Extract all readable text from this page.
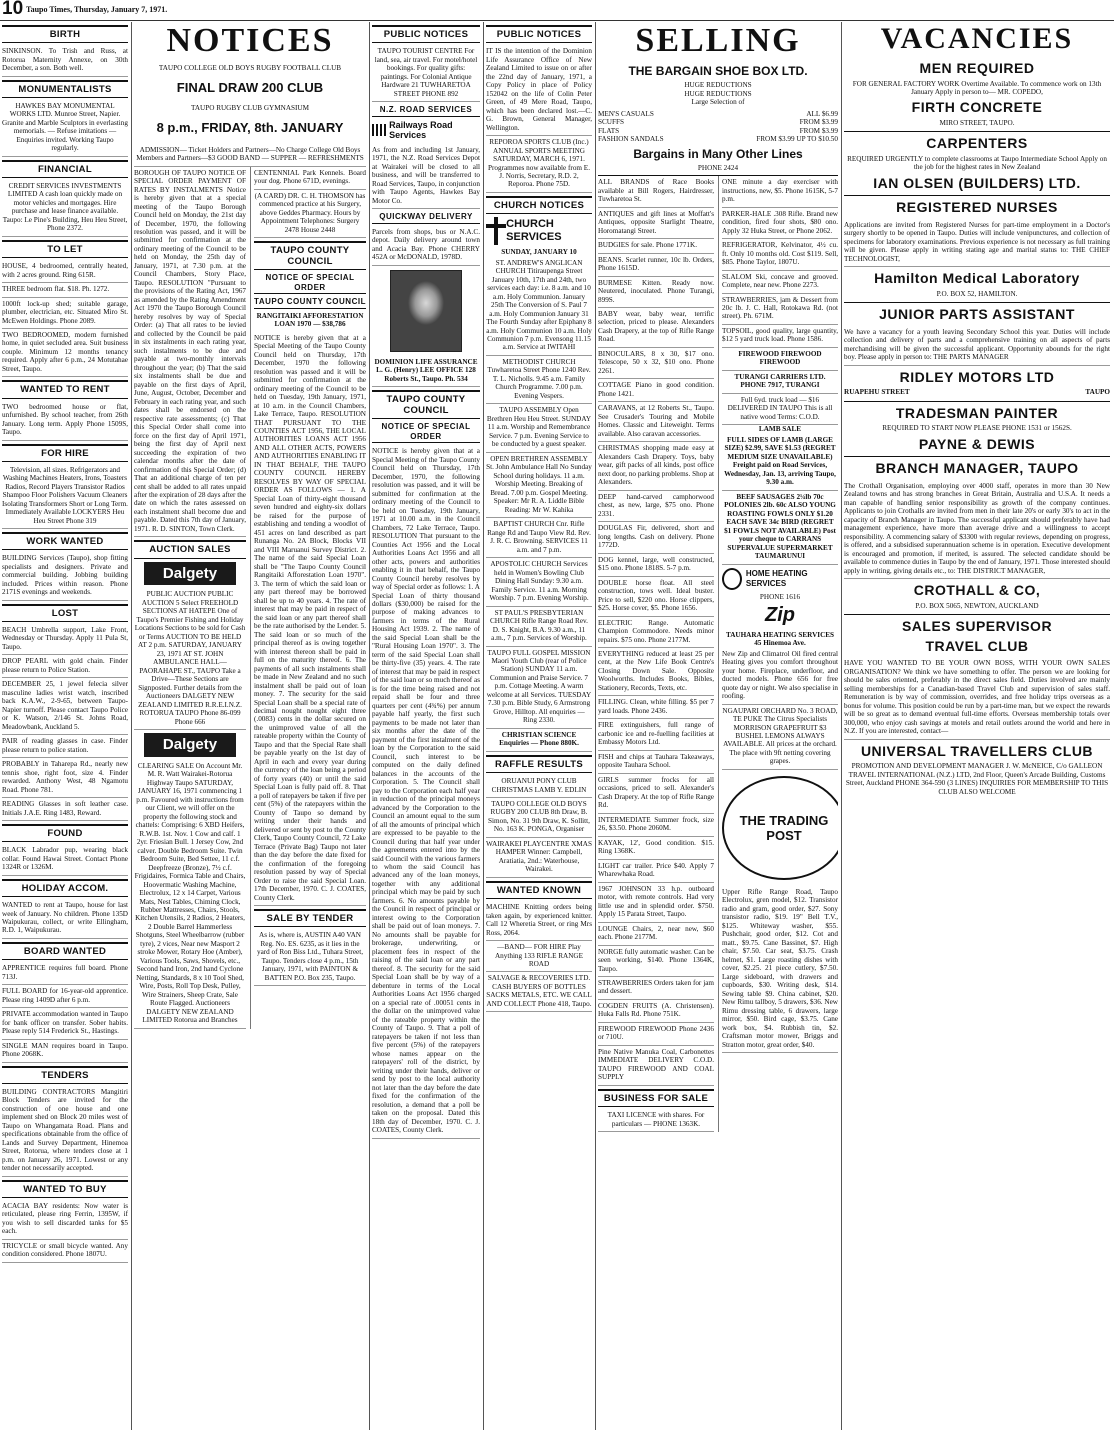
10 Taupo Times, Thursday, January 7, 1971.
BIRTH
SINKINSON. To Trish and Russ, at Rotorua Maternity Annexe, on 30th December, a son. Both well.
MONUMENTALISTS
HAWKES BAY MONUMENTAL WORKS LTD. Munroe Street, Napier. Granite and Marble Sculptors in everlasting memorials. — Refuse imitations — Enquiries invited. Working Taupo regularly.
FINANCIAL
CREDIT SERVICES INVESTMENTS LIMITED A cash loan quickly made on motor vehicles and mortgages. Hire purchase and lease finance available. Taupo: Le Pine's Building, Heu Heu Street, Phone 2372.
TO LET
HOUSE, 4 bedroomed, centrally heated, with 2 acres ground. Ring 615R.
THREE bedroom flat. $18. Ph. 1272.
1000ft lock-up shed; suitable garage, plumber, electrician, etc. Situated Miro St. McEwen Holdings. Phone 2089.
TWO BEDROOMED, modern furnished home, in quiet secluded area. Suit business couple. Minimum 12 months tenancy required. Apply after 6 p.m., 24 Motutahae Street, Taupo.
WANTED TO RENT
TWO bedroomed house or flat, unfurnished. By school teacher, from 26th January. Long term. Apply Phone 1509S, Taupo.
FOR HIRE
Television, all sizes. Refrigerators and Washing Machines Heaters, Irons, Toasters Radios, Record Players Transistor Radios Shampoo Floor Polishers Vacuum Cleaners Isolating Transformers Short or Long Term. Immediately Available LOCKYERS Heu Heu Street Phone 319
WORK WANTED
BUILDING Services (Taupo), shop fitting specialists and designers. Private and commercial building. Jobbing building included. Prices within reason. Phone 2171S evenings and weekends.
LOST
BEACH Umbrella support, Lake Front, Wednesday or Thursday. Apply 11 Pula St, Taupo.
DROP PEARL with gold chain. Finder please return to Police Station.
DECEMBER 25, 1 jewel felecia silver masculine ladies wrist watch, inscribed back K.A.W., 2-9-65, between Taupo-Napier turnoff. Please contact Taupo Police or K. Watson, 2/146 St. Johns Road, Meadowbank, Auckland 5.
PAIR of reading glasses in case. Finder please return to police station.
PROBABLY in Taharepa Rd., nearly new tennis shoe, right foot, size 4. Finder rewarded. Anthony West, 48 Ngamotu Road. Phone 781.
READING Glasses in soft leather case. Initials J.A.E. Ring 1483, Reward.
FOUND
BLACK Labrador pup, wearing black collar. Found Hawai Street. Contact Phone 1324R or 1326M.
HOLIDAY ACCOM.
WANTED to rent at Taupo, house for last week of January. No children. Phone 135D Waipukurau, collect, or write Ellingham, R.D. 1, Waipukurau.
BOARD WANTED
APPRENTICE requires full board. Phone 713J.
FULL BOARD for 16-year-old apprentice. Please ring 1409D after 6 p.m.
PRIVATE accommodation wanted in Taupo for bank officer on transfer. Sober habits. Please reply 514 Frederick St., Hastings.
SINGLE MAN requires board in Taupo. Phone 2068K.
TENDERS
BUILDING CONTRACTORS Mangitiri Block Tenders are invited for the construction of one house and one implement shed on Block 20 miles west of Taupo on Whangamata Road. Plans and specifications obtainable from the office of Lands and Survey Department, Hinemoa Street, Rotorua, where tenders close at 1 p.m. on January 26, 1971. Lowest or any tender not necessarily accepted.
WANTED TO BUY
ACACIA BAY residents: Now water is reticulated, please ring Ferrin, 1395W, if you wish to sell discarded tanks for $5 each.
TRICYCLE or small bicycle wanted. Any condition considered. Phone 1807U.
NOTICES
TAUPO COLLEGE OLD BOYS RUGBY FOOTBALL CLUB
FINAL DRAW 200 CLUB
TAUPO RUGBY CLUB GYMNASIUM
8 p.m., FRIDAY, 8th. JANUARY
ADMISSION— Ticket Holders and Partners—No Charge College Old Boys Members and Partners—$3 GOOD BAND — SUPPER — REFRESHMENTS
BOROUGH OF TAUPO NOTICE OF SPECIAL ORDER PAYMENT OF RATES BY INSTALMENTS Notice is hereby given that at a special meeting of the Taupo Borough Council held on Monday, the 21st day of December, 1970, the following resolution was passed, and it will be submitted for confirmation at the ordinary meeting of the Council to be held on Monday, the 25th day of January, 1971, at 7.30 p.m. at the Council Chambers, Story Place, Taupo. RESOLUTION "Pursuant to the provisions of the Rating Act, 1967 as amended by the Rating Amendment Act 1970 the Taupo Borough Council hereby resolves by way of Special Order: (a) That all rates to be levied and collected by the Council be paid in six instalments in each rating year, such instalments to be due and payable at two-monthly intervals throughout the year; (b) That the said six instalments shall be due and payable on the first days of April, June, August, October, December and February in each rating year, and such dates shall be endorsed on the respective rate assessments; (c) That this Special Order shall come into force on the first day of April 1971, being the first day of April next succeeding the expiration of two calendar months after the date of confirmation of this Special Order; (d) That an additional charge of ten per cent shall be added to all rates unpaid after the expiration of 28 days after the date on which the rates assessed on each instalment shall become due and payable. Dated this 7th day of January, 1971. R. D. SINTON, Town Clerk.
AUCTION SALES
Dalgety
PUBLIC AUCTION PUBLIC AUCTION 5 Select FREEHOLD SECTIONS AT HATEPE One of Taupo's Premier Fishing and Holiday Locations Sections to be sold for Cash or Terms AUCTION TO BE HELD AT 2 p.m. SATURDAY, JANUARY 23, 1971 AT ST. JOHN AMBULANCE HALL—PAORAHAPE ST., TAUPO Take a Drive—These Sections are Signposted. Further details from the Auctioneers DALGETY NEW ZEALAND LIMITED R.R.E.I.N.Z. ROTORUA TAUPO Phone 86-099 Phone 666
Dalgety
CLEARING SALE On Account Mr. M. R. Watt Wairakei-Rotorua Highway Taupo SATURDAY, JANUARY 16, 1971 commencing 1 p.m. Favoured with instructions from our Client, we will offer on the property the following stock and chattels: Comprising: 6 XBD Heifers, R.W.B. 1st. Nov. 1 Cow and calf. 1 2yr. Friesian Bull. 1 Jersey Cow, 2nd calver. Double Bedroom Suite. Twin Bedroom Suite, Bed Settee, 11 c.f. Deepfreeze (Bronze), 7½ c.f. Frigidaires, Formica Table and Chairs, Hoovermatic Washing Machine, Electrolux, 12 x 14 Carpet, Various Mats, Nest Tables, Chiming Clock, Rubber Mattresses, Chairs, Stools, Kitchen Utensils, 2 Radios, 2 Heaters, 2 Double Barrel Hammerless Shotguns, Steel Wheelbarrow (rubber tyre), 2 vices, Near new Masport 2 stroke Mower, Rotary Hoe (Amber), Various Tools, Saws, Shovels, etc., Second hand Iron, 2nd hand Cyclone Netting, Standards, 8 x 10 Tool Shed, Wire, Posts, Roll Top Desk, Pulley, Wire Strainers, Sheep Crate, Sale Route Flagged. Auctioneers DALGETY NEW ZEALAND LIMITED Rotorua and Branches
CENTENNIAL Park Kennels. Board your dog. Phone 671D, evenings.
(A CARD) DR. C. H. THOMSON has commenced practice at his Surgery, above Geddes Pharmacy. Hours by Appointment Telephones: Surgery 2478 House 2448
TAUPO COUNTY COUNCIL
NOTICE OF SPECIAL ORDER
TAUPO COUNTY COUNCIL
RANGITAIKI AFFORESTATION LOAN 1970 — $38,786
NOTICE is hereby given that at a Special Meeting of the Taupo County Council held on Thursday, 17th December, 1970 the following resolution was passed and it will be submitted for confirmation at the ordinary meeting of the Council to be held on Tuesday, 19th January, 1971, at 10 a.m. in the Council Chambers, Lake Terrace, Taupo. RESOLUTION THAT PURSUANT TO THE COUNTIES ACT 1956, THE LOCAL AUTHORITIES LOANS ACT 1956 AND ALL OTHER ACTS, POWERS AND AUTHORITIES ENABLING IT IN THAT BEHALF, THE TAUPO COUNTY COUNCIL HEREBY RESOLVES BY WAY OF SPECIAL ORDER AS FOLLOWS — 1. A Special Loan of thirty-eight thousand seven hundred and eighty-six dollars be raised for the purpose of establishing and tending a woodlot of 451 acres on land described as part Runanga No. 2A Block, Blocks VII and VIII Maruanui Survey District. 2. The name of the said Special Loan shall be "The Taupo County Council Rangitaiki Afforestation Loan 1970". 3. The term of which the said loan or any part thereof may be borrowed shall be up to 40 years. 4. The rate of interest that may be paid in respect of the said loan or any part thereof shall be the rate authorised by the Lender. 5. The said loan or so much of the principal thereof as is owing together with interest thereon shall be paid in full on the maturity thereof. 6. The payments of all such instalments shall be made in New Zealand and no such instalment shall be paid out of loan money. 7. The security for the said Special Loan shall be a special rate of decimal nought nought eight three (.0083) cents in the dollar secured on the unimproved value of all the rateable property within the County of Taupo and that the Special Rate shall be payable yearly on the 1st day of April in each and every year during the currency of the loan being a period of forty years (40) or until the said Special Loan is fully paid off. 8. That a poll of ratepayers be taken if five per cent (5%) of the ratepayers within the County of Taupo so demand by writing under their hands and delivered or sent by post to the County Clerk, Taupo County Council, 72 Lake Terrace (Private Bag) Taupo not later than the day before the date fixed for the confirmation of the foregoing resolution passed by way of Special Order to raise the said Special Loan. 17th December, 1970. C. J. COATES, County Clerk.
SALE BY TENDER
As is, where is, AUSTIN A40 VAN Reg. No. ES. 6235, as it lies in the yard of Ron Biss Ltd., Tuhara Street, Taupo. Tenders close 4 p.m., 15th January, 1971, with PAINTON & BATTEN P.O. Box 235, Taupo.
PUBLIC NOTICES
TAUPO TOURIST CENTRE For land, sea, air travel. For motel/hotel bookings. For quality gifts: paintings. For Colonial Antique Hardware 21 TUWHARETOA STREET PHONE 892
N.Z. ROAD SERVICES
Railways Road Services
As from and including 1st January, 1971, the N.Z. Road Services Depot at Wairakei will be closed to all business, and will be transferred to Road Services, Taupo, in conjunction with Taupo Agents, Hawkes Bay Motor Co.
QUICKWAY DELIVERY
Parcels from shops, bus or N.A.C. depot. Daily delivery around town and Acacia Bay. Phone CHERRY 452A or McDONALD, 1978D.
DOMINION LIFE ASSURANCE L. G. (Henry) LEE OFFICE 128 Roberts St., Taupo. Ph. 534
TAUPO COUNTY COUNCIL
NOTICE OF SPECIAL ORDER
NOTICE is hereby given that at a Special Meeting of the Taupo County Council held on Thursday, 17th December, 1970, the following resolution was passed, and it will be submitted for confirmation at the ordinary meeting of the Council to be held on Tuesday, 19th January, 1971 at 10.00 a.m. in the Council Chambers, 72 Lake Terrace, Taupo. RESOLUTION That pursuant to the Counties Act 1956 and the Local Authorities Loans Act 1956 and all other acts, powers and authorities enabling it in that behalf, the Taupo County Council hereby resolves by way of Special order as follows: 1. A Special Loan of thirty thousand dollars ($30,000) be raised for the purpose of making advances to farmers in terms of the Rural Housing Act 1939. 2. The name of the said Special Loan shall be the "Rural Housing Loan 1970". 3. The term of the said Special Loan shall be thirty-five (35) years. 4. The rate of interest that may be paid in respect of the said loan or so much thereof as is for the time being raised and not repaid shall be four and three quarters per cent (4¾%) per annum payable half yearly, the first such payments to be made not later than six months after the date of the payment of the first instalment of the loan by the Corporation to the said Council, such interest to be computed on the daily defined balances in the accounts of the Corporation. 5. The Council shall pay to the Corporation each half year in reduction of the principal moneys advanced by the Corporation to the Council an amount equal to the sum of all the amounts of principal which are expressed to be payable to the Council during that half year under the agreements entered into by the said Council with the various farmers to whom the said Council has advanced any of the loan moneys, together with any additional principal which may be paid by such farmers. 6. No amounts payable by the Council in respect of principal or interest owing to the Corporation shall be paid out of loan moneys. 7. No amounts shall be payable for brokerage, underwriting, or placement fees in respect of the raising of the said loan or any part thereof. 8. The security for the said Special Loan shall be by way of a debenture in terms of the Local Authorities Loans Act 1956 charged on a special rate of .00051 cents in the dollar on the unimproved value of the rateable property within the County of Taupo. 9. That a poll of ratepayers be taken if not less than five percent (5%) of the ratepayers whose names appear on the ratepayers' roll of the district, by writing under their hands, deliver or send by post to the local authority not later than the day before the date fixed for the confirmation of the resolution, a demand that a poll be taken on the proposal. Dated this 18th day of December, 1970. C. J. COATES, County Clerk.
PUBLIC NOTICES
IT IS the intention of the Dominion Life Assurance Office of New Zealand Limited to issue on or after the 22nd day of January, 1971, a Copy Policy in place of Policy 152042 on the life of Colin Peter Green, of 49 Mere Road, Taupo, which has been declared lost.—C. G. Brown, General Manager, Wellington.
REPOROA SPORTS CLUB (Inc.) ANNUAL SPORTS MEETING SATURDAY, MARCH 6, 1971. Programmes now available from E. J. Norris, Secretary, R.D. 2, Reporoa. Phone 75D.
CHURCH NOTICES
CHURCH SERVICES
SUNDAY, JANUARY 10
ST. ANDREW'S ANGLICAN CHURCH Titiraupenga Street January 10th, 17th and 24th, two services each day: i.e. 8 a.m. and 10 a.m. Holy Communion. January 25th The Conversion of S. Paul 7 a.m. Holy Communion January 31 The Fourth Sunday after Epiphany 8 a.m. Holy Communion 10 a.m. Holy Communion 7 p.m. Evensong 11.15 a.m. Service at IWITAHI
METHODIST CHURCH Tuwharetoa Street Phone 1240 Rev. T. L. Nicholls. 9.45 a.m. Family Church Programme. 7.00 p.m. Evening Vespers.
TAUPO ASSEMBLY Open Brethren Heu Heu Street. SUNDAY 11 a.m. Worship and Remembrance Service. 7 p.m. Evening Service to be conducted by a guest speaker.
OPEN BRETHREN ASSEMBLY St. John Ambulance Hall No Sunday School during holidays. 11 a.m. Worship Meeting. Breaking of Bread. 7.00 p.m. Gospel Meeting. Speaker: Mr R. A. Liddle Bible Reading: Mr W. Kahika
BAPTIST CHURCH Cnr. Rifle Range Rd and Taupo View Rd. Rev. J. R. C. Browning. SERVICES 11 a.m. and 7 p.m.
APOSTOLIC CHURCH Services held in Women's Bowling Club Dining Hall Sunday: 9.30 a.m. Family Service. 11 a.m. Morning Worship. 7 p.m. Evening Worship.
ST PAUL'S PRESBYTERIAN CHURCH Rifle Range Road Rev. D. S. Knight, B.A. 9.30 a.m., 11 a.m., 7 p.m. Services of Worship.
TAUPO FULL GOSPEL MISSION Maori Youth Club (rear of Police Station) SUNDAY 11 a.m. Communion and Praise Service. 7 p.m. Cottage Meeting. A warm welcome at all Services. TUESDAY 7.30 p.m. Bible Study, 6 Armstrong Grove, Hilltop. All enquiries — Ring 2330.
CHRISTIAN SCIENCE Enquiries — Phone 880K.
RAFFLE RESULTS
ORUANUI PONY CLUB CHRISTMAS LAMB Y. EDLIN
TAUPO COLLEGE OLD BOYS RUGBY 200 CLUB 8th Draw, B. Simon, No. 31 9th Draw, K. Sollitt, No. 163 K. PONGA, Organiser
WAIRAKEI PLAYCENTRE XMAS HAMPER Winner: Campbell, Aratiatia, 2nd.: Waterhouse, Wairakei.
WANTED KNOWN
MACHINE Knitting orders being taken again, by experienced knitter. Call 12 Wheretia Street, or ring Mrs Ross, 2064.
—BAND— FOR HIRE Play Anything 133 RIFLE RANGE ROAD
SALVAGE & RECOVERIES LTD. CASH BUYERS OF BOTTLES SACKS METALS, ETC. WE CALL AND COLLECT Phone 418, Taupo.
SELLING
THE BARGAIN SHOE BOX LTD.
HUGE REDUCTIONS
HUGE REDUCTIONS
Large Selection of
MEN'S CASUALS	ALL $6.99
SCUFFS	FROM $3.99
FLATS	FROM $3.99
FASHION SANDALS	FROM $3.99 UP TO $10.50
Bargains in Many Other Lines
PHONE 2424
ALL BRANDS of Race Books available at Bill Rogers, Hairdresser, Tuwharetoa St.
ANTIQUES and gift lines at Moffatt's Antiques, opposite Starlight Theatre, Horomatangi Street.
BUDGIES for sale. Phone 1771K.
BEANS. Scarlet runner, 10c lb. Orders, Phone 1615D.
BURMESE Kitten. Ready now. Neutered, inoculated. Phone Turangi, 899S.
BABY wear, baby wear, terrific selection, priced to please. Alexanders Cash Drapery, at the top of Rifle Range Road.
BINOCULARS, 8 x 30, $17 ono. Telescope, 50 x 32, $10 ono. Phone 2261.
COTTAGE Piano in good condition. Phone 1421.
CARAVANS, at 12 Roberts St., Taupo. See Crusader's Touring and Mobile Homes. Classic and Liteweight. Terms available. Also caravan accessories.
CHRISTMAS shopping made easy at Alexanders Cash Drapery. Toys, baby wear, gift packs of all kinds, post office next door, no parking problems. Shop at Alexanders.
DEEP hand-carved camphorwood chest, as new, large, $75 ono. Phone 2331.
DOUGLAS Fir, delivered, short and long lengths. Cash on delivery. Phone 1772D.
DOG kennel, large, well constructed, $15 ono. Phone 1818S. 5-7 p.m.
DOUBLE horse float. All steel construction, tows well. Ideal buster. Price to sell, $220 ono. Horse clippers, $25. Horse cover, $5. Phone 1656.
ELECTRIC Range. Automatic Champion Commodore. Needs minor repairs. $75 ono. Phone 2177M.
EVERYTHING reduced at least 25 per cent, at the New Life Book Centre's Closing Down Sale. Opposite Woolworths. Includes Books, Bibles, Stationery, Records, Texts, etc.
FILLING. Clean, white filling. $5 per 7 yard loads. Phone 2436.
FIRE extinguishers, full range of carbonic ice and re-fuelling facilities at Embassy Motors Ltd.
FISH and chips at Tauhara Takeaways, opposite Tauhara School.
GIRLS summer frocks for all occasions, priced to sell. Alexander's Cash Drapery. At the top of Rifle Range Rd.
INTERMEDIATE Summer frock, size 26, $3.50. Phone 2060M.
KAYAK, 12', Good condition. $15. Ring 1368K.
LIGHT car trailer. Price $40. Apply 7 Wharewhaka Road.
1967 JOHNSON 33 h.p. outboard motor, with remote controls. Had very little use and in splendid order. $750. Apply 15 Parata Street, Taupo.
LOUNGE Chairs, 2, near new, $60 each. Phone 2177M.
NORGE fully automatic washer. Can be seen working, $140. Phone 1364K, Taupo.
STRAWBERRIES Orders taken for jam and dessert.
COGDEN FRUITS (A. Christensen). Huka Falls Rd. Phone 751K.
FIREWOOD FIREWOOD Phone 2436 or 710U.
Pine Native Manuka Coal, Carbonettes IMMEDIATE DELIVERY C.O.D. TAUPO FIREWOOD AND COAL SUPPLY
BUSINESS FOR SALE
TAXI LICENCE with shares. For particulars — PHONE 1363K.
ONE minute a day exerciser with instructions, new, $5. Phone 1615K, 5-7 p.m.
PARKER-HALE .308 Rifle. Brand new condition, fired four shots, $80 ono. Apply 32 Huka Street, or Phone 2062.
REFRIGERATOR, Kelvinator, 4½ cu. ft. Only 10 months old. Cost $119. Sell, $85. Phone Taylor, 1807U.
SLALOM Ski, concave and grooved. Complete, near new. Phone 2273.
STRAWBERRIES, jam & Dessert from 20c lb. J. C. Hall, Rotokawa Rd. (not street). Ph. 671M.
TOPSOIL, good quality, large quantity, $12 5 yard truck load. Phone 1586.
FIREWOOD FIREWOOD FIREWOOD
TURANGI CARRIERS LTD. PHONE 7917, TURANGI
Full 6yd. truck load — $16 DELIVERED IN TAUPO This is all native wood Terms: C.O.D.
LAMB SALE
FULL SIDES OF LAMB (LARGE SIZE) $2.99, SAVE $1.53 (REGRET MEDIUM SIZE UNAVAILABLE) Freight paid on Road Services, Wednesday, Jan. 13, arriving Taupo, 9.30 a.m.
BEEF SAUSAGES 2¼lb 70c POLONIES 2lb. 60c ALSO YOUNG ROASTING FOWLS ONLY $1.20 EACH SAVE 34c BIRD (REGRET $1 FOWLS NOT AVAILABLE) Post your cheque to CARRANS SUPERVALUE SUPERMARKET TAUMARUNUI
HOME HEATING SERVICES
PHONE 1616
Zip
TAUHARA HEATING SERVICES 45 Hinemoa Ave.
New Zip and Climatrol Oil fired central Heating gives you comfort throughout your home. Fireplace, underfloor, and ducted models. Phone 656 for free quote day or night. We also specialise in roofing.
NGAUPARI ORCHARD No. 3 ROAD, TE PUKE The Citrus Specialists MORRISON GRAPEFRUIT $3 BUSHEL LEMONS ALWAYS AVAILABLE. All prices at the orchard. The place with 9ft netting covering grapes.
THE TRADING POST
Upper Rifle Range Road, Taupo Electrolux, gren model, $12. Transistor radio and gram, good order, $27. Sony transistor radio, $19. 19" Bell T.V., $125. Whiteway washer, $55. Pushchair, good order, $12. Cot and matt., $9.75. Cane Bassinet, $7. High chair, $7.50. Car seat, $3.75. Crash helmet, $1. Large roasting dishes with cover, $2.25. 21 piece cutlery, $7.50. Large sideboard, with drawers and cupboards, $30. Writing desk, $14. Sewing table $9. China cabinet, $20. New Rimu tallboy, 5 drawers, $36. New Rimu dressing table, 6 drawers, large mirror, $50. Bird cage, $3.75. Cane work box, $4. Rubbish tin, $2. Craftsman motor mower, Briggs and Stratton motor, great order, $40.
VACANCIES
MEN REQUIRED
FOR GENERAL FACTORY WORK Overtime Available. To commence work on 13th January Apply in person to— MR. COPEDO,
FIRTH CONCRETE
MIRO STREET, TAUPO.
CARPENTERS
REQUIRED URGENTLY to complete classrooms at Taupo Intermediate School Apply on the job for the highest rates in New Zealand
IAN OLSEN (BUILDERS) LTD.
REGISTERED NURSES
Applications are invited from Registered Nurses for part-time employment in a Doctor's surgery shortly to be opened in Taupo. Duties will include venipunctures, and collection of specimens for laboratory examinations. Previous experience is not necessary as full training will be given. Please apply in writing stating age and marital status to: THE CHIEF TECHNOLOGIST,
Hamilton Medical Laboratory
P.O. BOX 52, HAMILTON.
JUNIOR PARTS ASSISTANT
We have a vacancy for a youth leaving Secondary School this year. Duties will include collection and delivery of parts and a comprehensive training on all aspects of parts merchandising will be given the successful applicant. Opportunity abounds for the right boy. Please apply in person to: THE PARTS MANAGER
RIDLEY MOTORS LTD
RUAPEHU STREET	TAUPO
TRADESMAN PAINTER
REQUIRED TO START NOW PLEASE PHONE 1531 or 1562S.
PAYNE & DEWIS
BRANCH MANAGER, TAUPO
The Crothall Organisation, employing over 4000 staff, operates in more than 30 New Zealand towns and has strong branches in Great Britain, Australia and U.S.A. It needs a man capable of handling senior responsibility as growth of the company continues. Applicants to join Crothalls are invited from men in their late 20's or early 30's to act in the capacity of Branch Manager in Taupo. The successful applicant should preferably have had management experience, have more than average drive and a willingness to accept responsibility. A commencing salary of $3300 with regular reviews, depending on progress, is offered, and a subsidised superannuation scheme is in operation. Executive development is encouraged and promotion, if merited, is assured. The selected candidate should be available to commence duties in Taupo by the end of January, 1971. Those interested should apply in writing, giving details etc., to: THE DISTRICT MANAGER,
CROTHALL & CO,
P.O. BOX 5065, NEWTON, AUCKLAND
SALES SUPERVISOR
TRAVEL CLUB
HAVE YOU WANTED TO BE YOUR OWN BOSS, WITH YOUR OWN SALES ORGANISATION? We think we have something to offer. The person we are looking for should be sales oriented, preferably in the direct sales field. Duties involved are mainly selling memberships for a Canadian-based Travel Club and supervision of sales staff. Remuneration is by way of commission, overrides, and free holiday trips overseas as a bonus for volume. This position could be run by a part-time man, but we expect the rewards will be so great as to demand eventual full-time efforts. Overseas membership totals over 300,000, who enjoy cash savings at motels and retail outlets around the world and here in N.Z. If you are interested, contact—
UNIVERSAL TRAVELLERS CLUB
PROMOTION AND DEVELOPMENT MANAGER J. W. McNEICE, C/o GALLEON TRAVEL INTERNATIONAL (N.Z.) LTD, 2nd Floor, Queen's Arcade Building, Customs Street, Auckland PHONE 364-590 (3 LINES) INQUIRIES FOR MEMBERSHIP TO THIS CLUB ALSO WELCOME
